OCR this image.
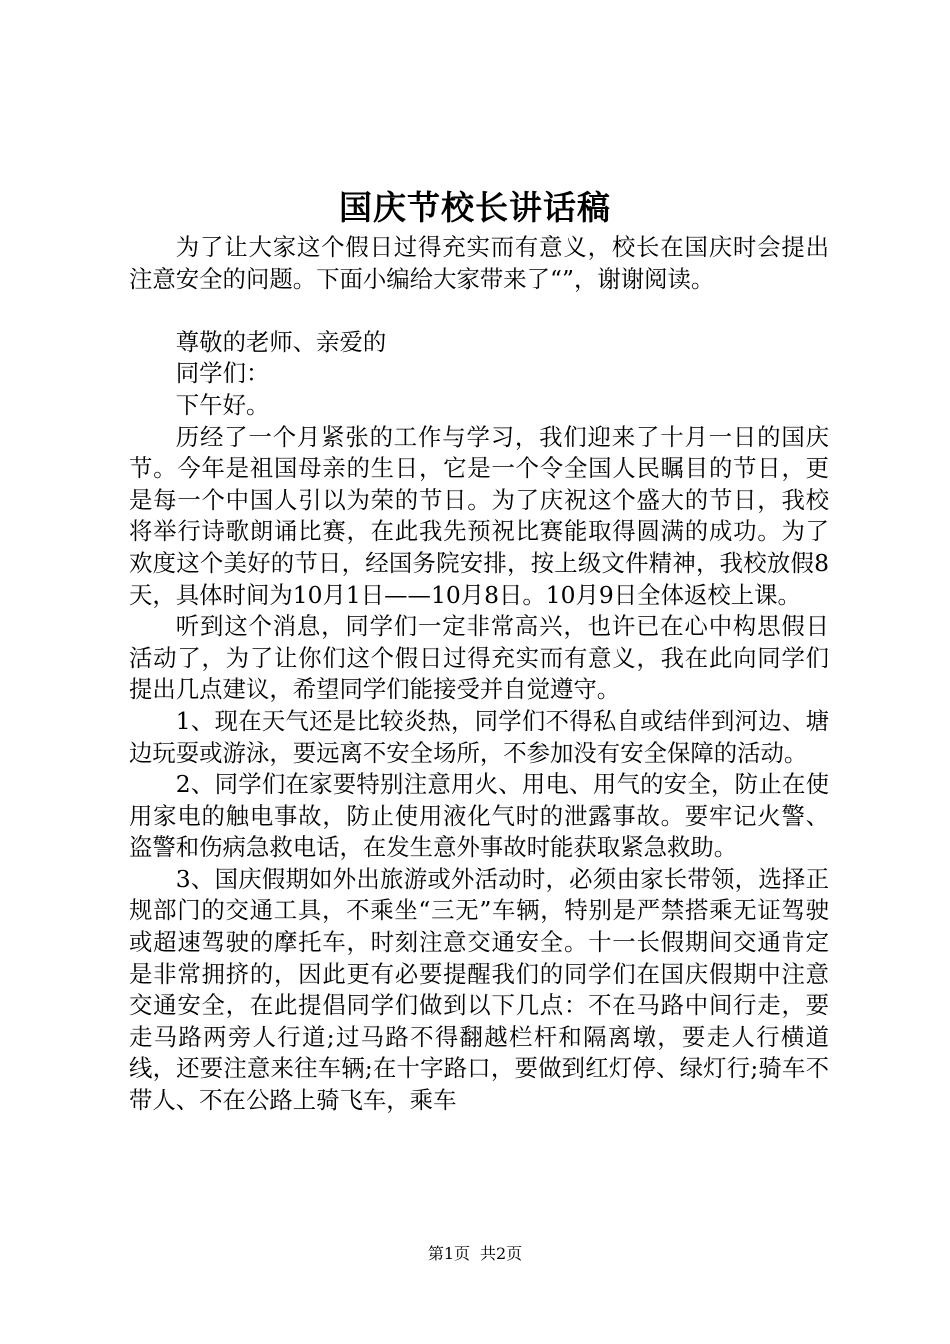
国庆节校长讲话稿

为了让大家这个假日过得充实而有意义，校长在国庆时会提出注意安全的问题。下面小编给大家带来了“”，谢谢阅读。

尊敬的老师、亲爱的

同学们：

下午好。

历经了一个月紧张的工作与学习，我们迎来了十月一日的国庆节。今年是祖国母亲的生日，它是一个令全国人民瞩目的节日，更是每一个中国人引以为荣的节日。为了庆祝这个盛大的节日，我校将举行诗歌朗诵比赛，在此我先预祝比赛能取得圆满的成功。为了欢度这个美好的节日，经国务院安排，按上级文件精神，我校放假8天，具体时间为10月1日——10月8日。10月9日全体返校上课。

听到这个消息，同学们一定非常高兴，也许已在心中构思假日活动了，为了让你们这个假日过得充实而有意义，我在此向同学们提出几点建议，希望同学们能接受并自觉遵守。

1、现在天气还是比较炎热，同学们不得私自或结伴到河边、塘边玩耍或游泳，要远离不安全场所，不参加没有安全保障的活动。

2、同学们在家要特别注意用火、用电、用气的安全，防止在使用家电的触电事故，防止使用液化气时的泄露事故。要牢记火警、盗警和伤病急救电话，在发生意外事故时能获取紧急救助。

3、国庆假期如外出旅游或外活动时，必须由家长带领，选择正规部门的交通工具，不乘坐“三无”车辆，特别是严禁搭乘无证驾驶或超速驾驶的摩托车，时刻注意交通安全。十一长假期间交通肯定是非常拥挤的，因此更有必要提醒我们的同学们在国庆假期中注意交通安全，在此提倡同学们做到以下几点：不在马路中间行走，要走马路两旁人行道;过马路不得翻越栏杆和隔离墩，要走人行横道线，还要注意来往车辆;在十字路口，要做到红灯停、绿灯行;骑车不带人、不在公路上骑飞车，乘车

第1页 共2页
